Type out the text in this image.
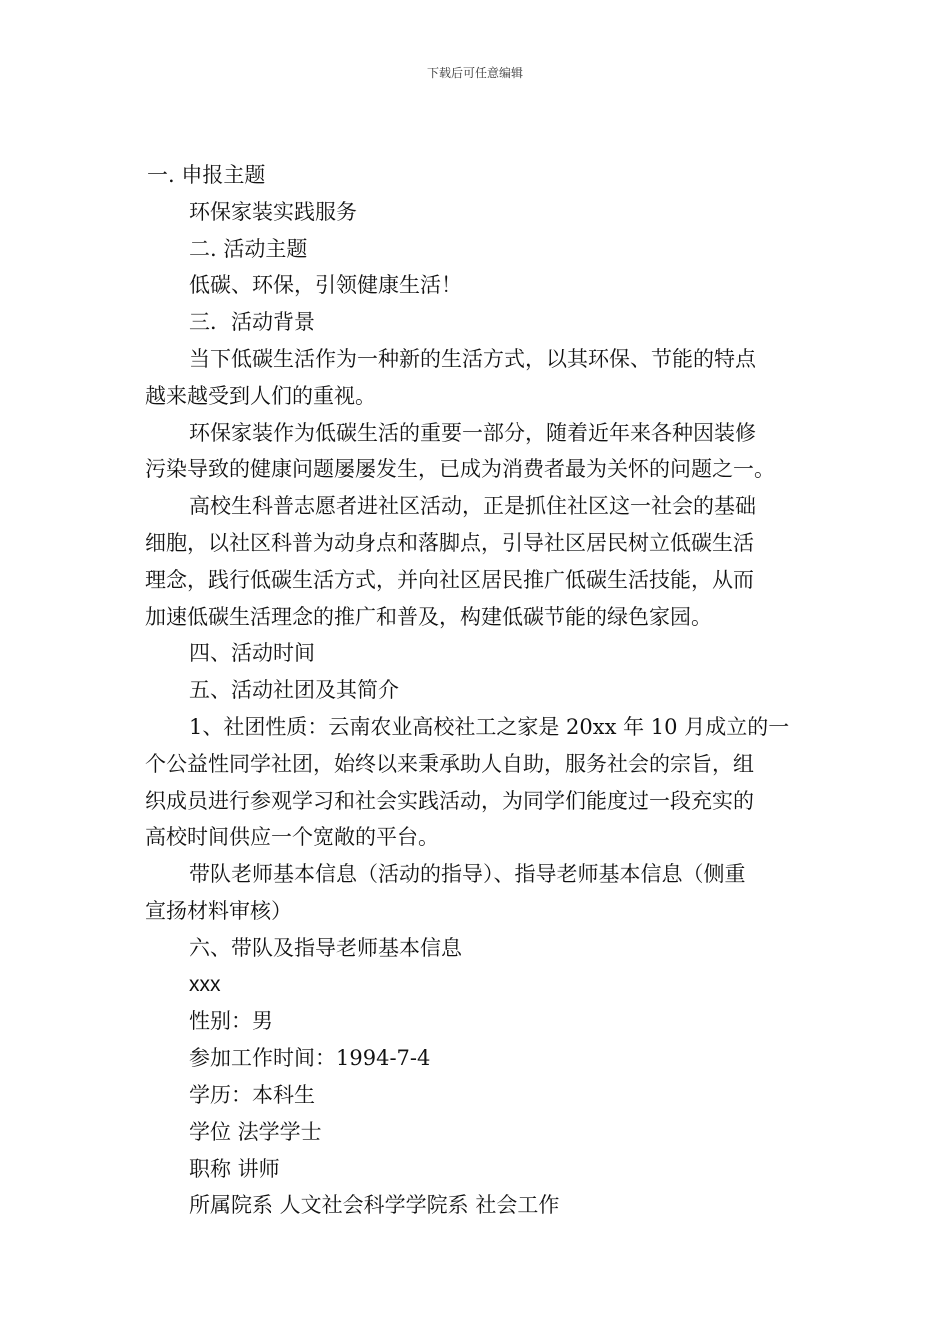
下载后可任意编辑
一. 申报主题
环保家装实践服务
二. 活动主题
低碳、环保，引领健康生活！
三．活动背景
当下低碳生活作为一种新的生活方式，以其环保、节能的特点
越来越受到人们的重视。
环保家装作为低碳生活的重要一部分，随着近年来各种因装修
污染导致的健康问题屡屡发生，已成为消费者最为关怀的问题之一。
高校生科普志愿者进社区活动，正是抓住社区这一社会的基础
细胞，以社区科普为动身点和落脚点，引导社区居民树立低碳生活
理念，践行低碳生活方式，并向社区居民推广低碳生活技能，从而
加速低碳生活理念的推广和普及，构建低碳节能的绿色家园。
四、活动时间
五、活动社团及其简介
1、社团性质：云南农业高校社工之家是 20xx 年 10 月成立的一
个公益性同学社团，始终以来秉承助人自助，服务社会的宗旨，组
织成员进行参观学习和社会实践活动，为同学们能度过一段充实的
高校时间供应一个宽敞的平台。
带队老师基本信息（活动的指导）、指导老师基本信息（侧重
宣扬材料审核）
六、带队及指导老师基本信息
xxx
性别：男
参加工作时间：1994-7-4
学历：本科生
学位 法学学士
职称 讲师
所属院系 人文社会科学学院系 社会工作
